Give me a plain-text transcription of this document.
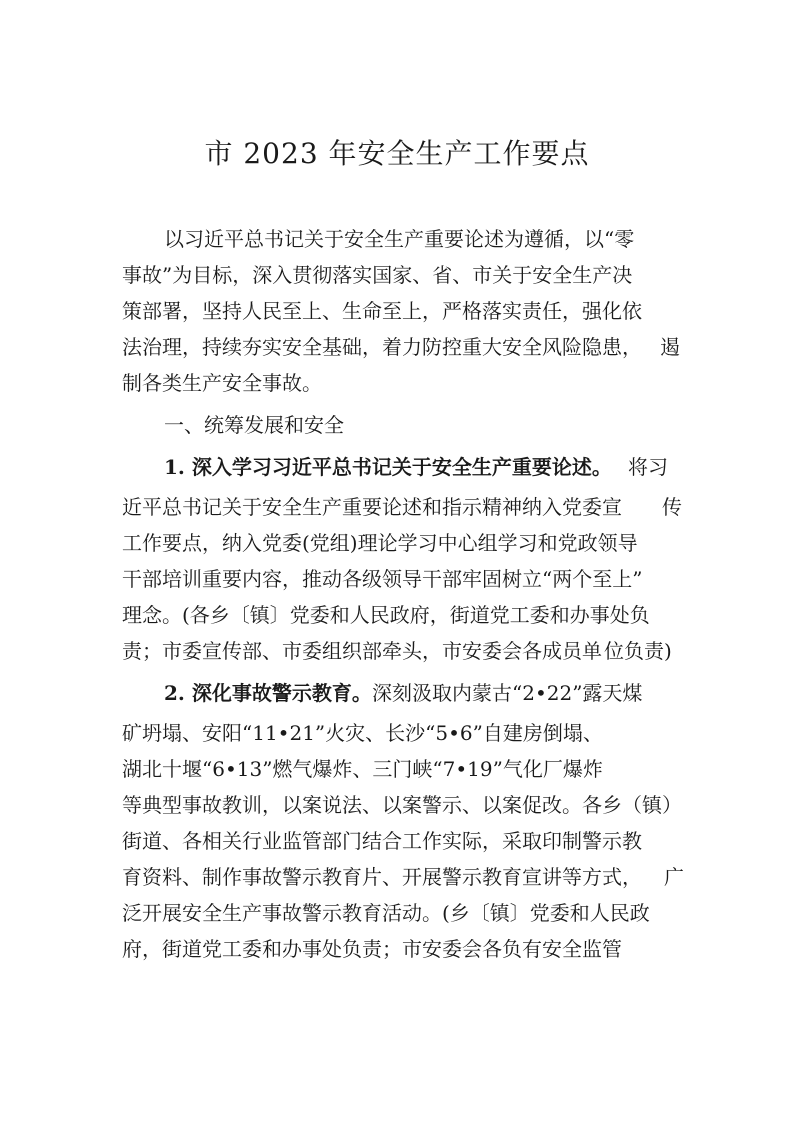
市 2023 年安全生产工作要点
以习近平总书记关于安全生产重要论述为遵循，以“零
事故”为目标，深入贯彻落实国家、省、市关于安全生产决
策部署，坚持人民至上、生命至上，严格落实责任，强化依
法治理，持续夯实安全基础，着力防控重大安全风险隐患， 遏
制各类生产安全事故。
一、统筹发展和安全
1. 深入学习习近平总书记关于安全生产重要论述。 将习
近平总书记关于安全生产重要论述和指示精神纳入党委宣 传
工作要点，纳入党委(党组)理论学习中心组学习和党政领导
干部培训重要内容，推动各级领导干部牢固树立“两个至上”
理念。(各乡〔镇〕党委和人民政府，街道党工委和办事处负
责；市委宣传部、市委组织部牵头，市安委会各成员单 位负责)
2. 深化事故警示教育。 深刻汲取内蒙古“2•22”露天煤
矿坍塌、安阳“11•21”火灾、长沙“5•6”自建房倒塌、
湖北十堰“6•13”燃气爆炸、三门峡“7•19”气化厂爆炸
等典型事故教训，以案说法、以案警示、以案促改。各乡（镇）
街道、各相关行业监管部门结合工作实际，采取印制警示教
育资料、制作事故警示教育片、开展警示教育宣讲等方式， 广
泛开展安全生产事故警示教育活动。(乡〔镇〕党委和人民政
府，街道党工委和办事处负责；市安委会各负有安全监管
